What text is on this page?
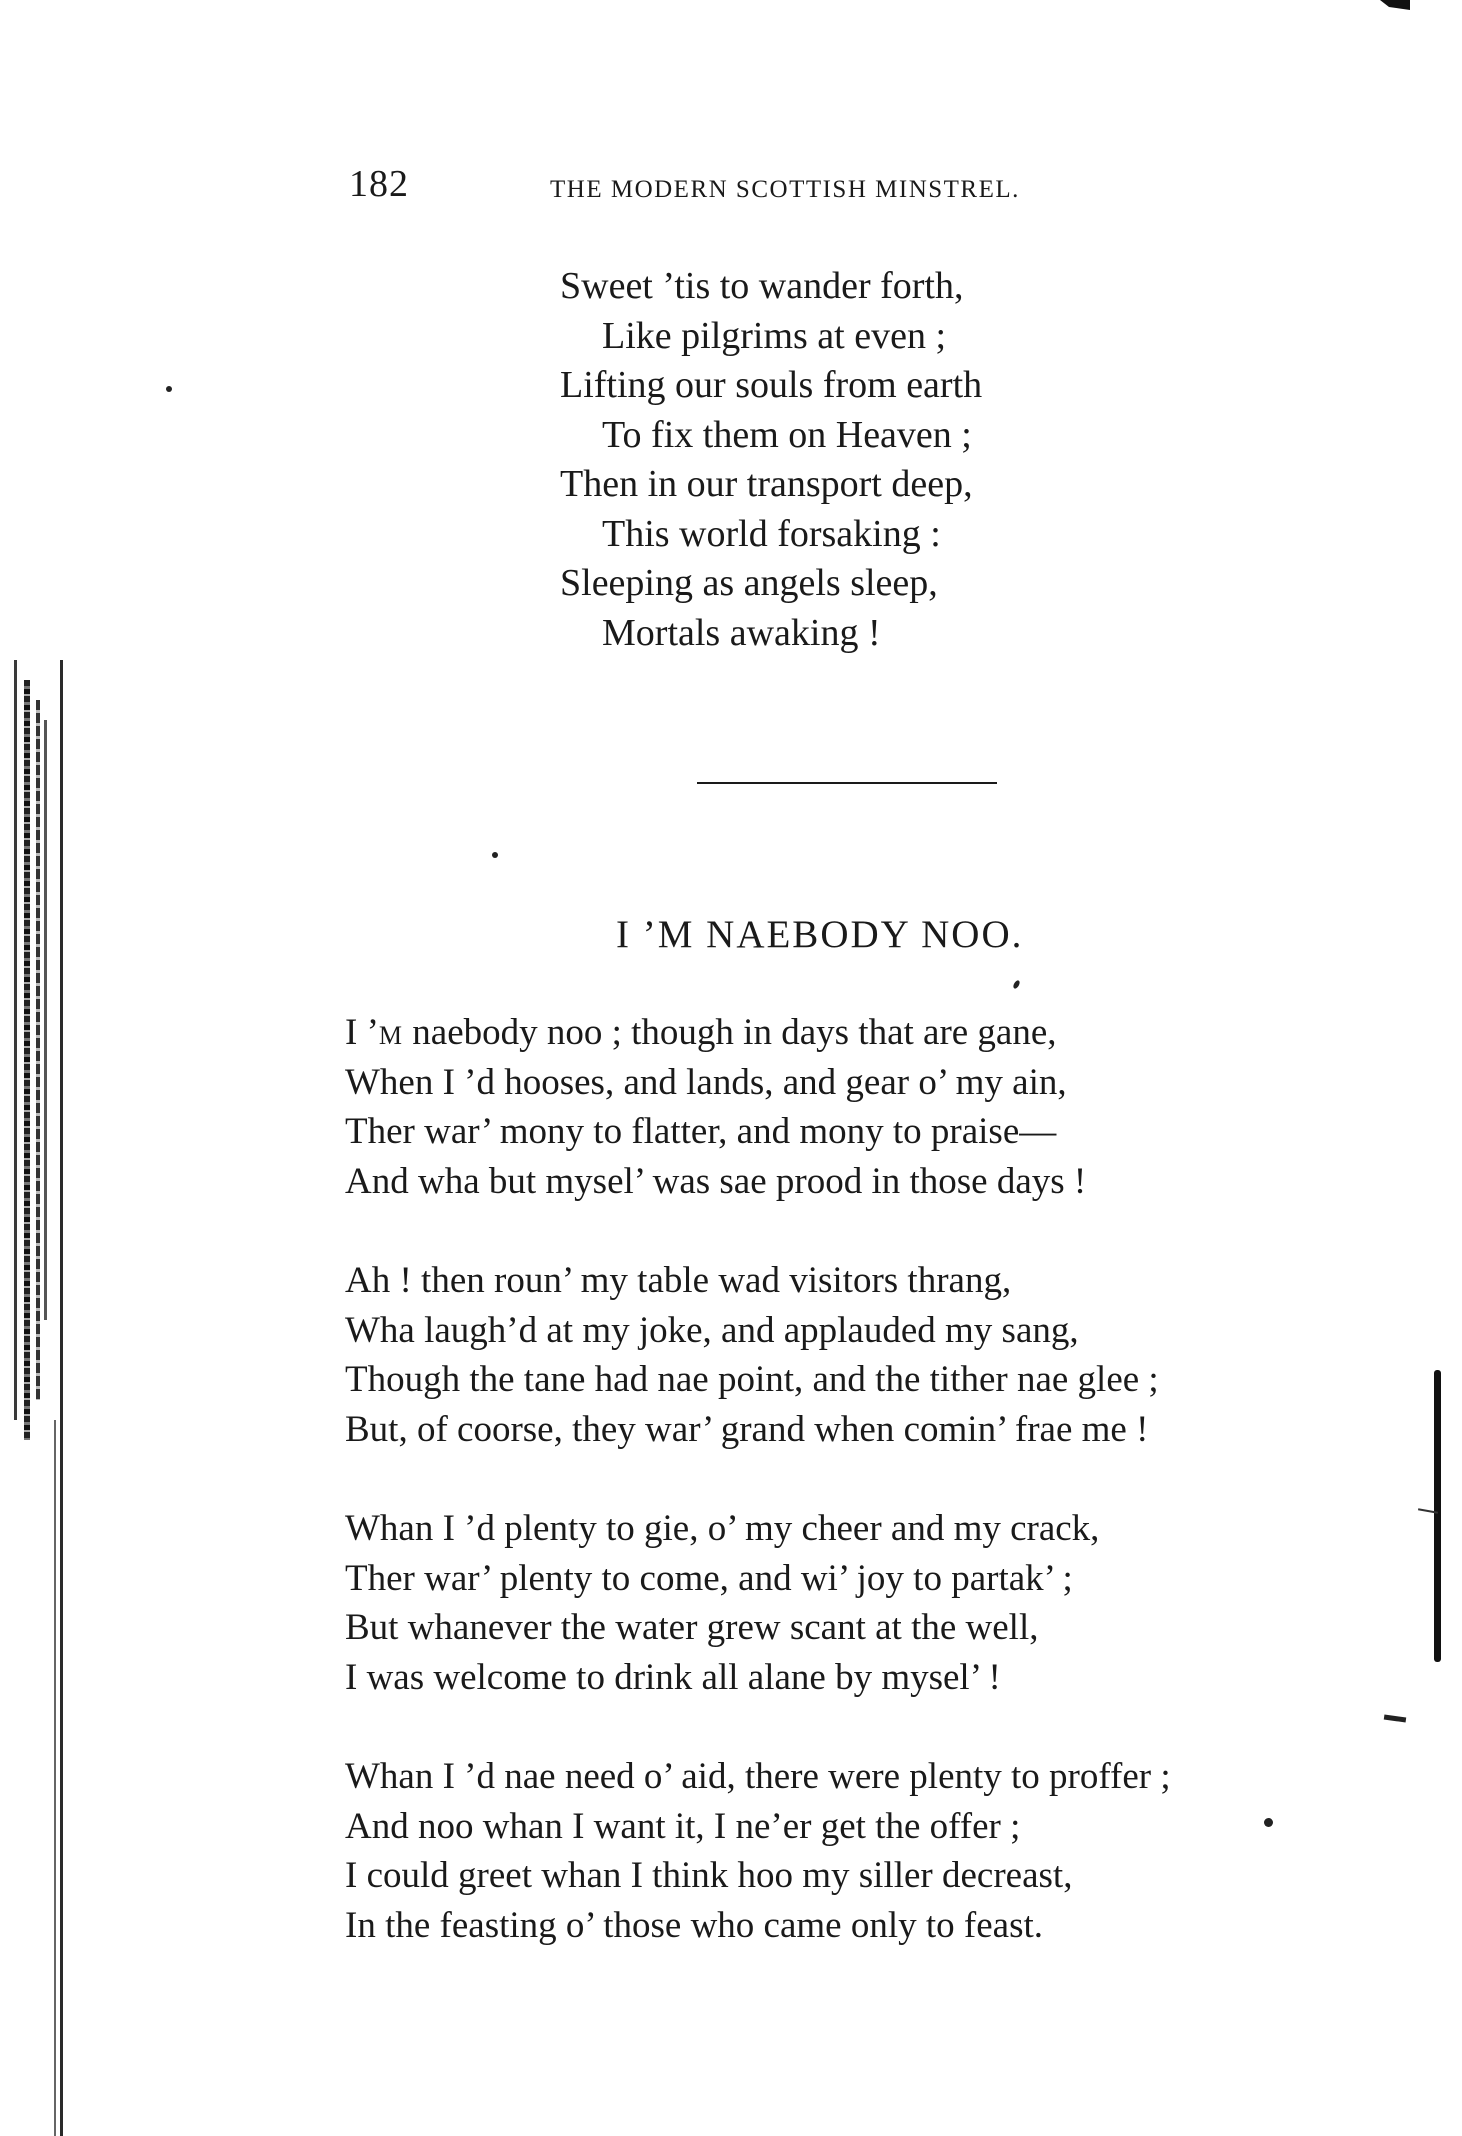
182	THE MODERN SCOTTISH MINSTREL.
Sweet ’tis to wander forth,
Like pilgrims at even ;
Lifting our souls from earth
To fix them on Heaven ;
Then in our transport deep,
This world forsaking :
Sleeping as angels sleep,
Mortals awaking !
I ’M NAEBODY NOO.
I ’M naebody noo ; though in days that are gane,
When I ’d hooses, and lands, and gear o’ my ain,
Ther war’ mony to flatter, and mony to praise—
And wha but mysel’ was sae prood in those days !
Ah ! then roun’ my table wad visitors thrang,
Wha laugh’d at my joke, and applauded my sang,
Though the tane had nae point, and the tither nae glee ;
But, of coorse, they war’ grand when comin’ frae me !
Whan I ’d plenty to gie, o’ my cheer and my crack,
Ther war’ plenty to come, and wi’ joy to partak’ ;
But whanever the water grew scant at the well,
I was welcome to drink all alane by mysel’ !
Whan I ’d nae need o’ aid, there were plenty to proffer ;
And noo whan I want it, I ne’er get the offer ;
I could greet whan I think hoo my siller decreast,
In the feasting o’ those who came only to feast.
